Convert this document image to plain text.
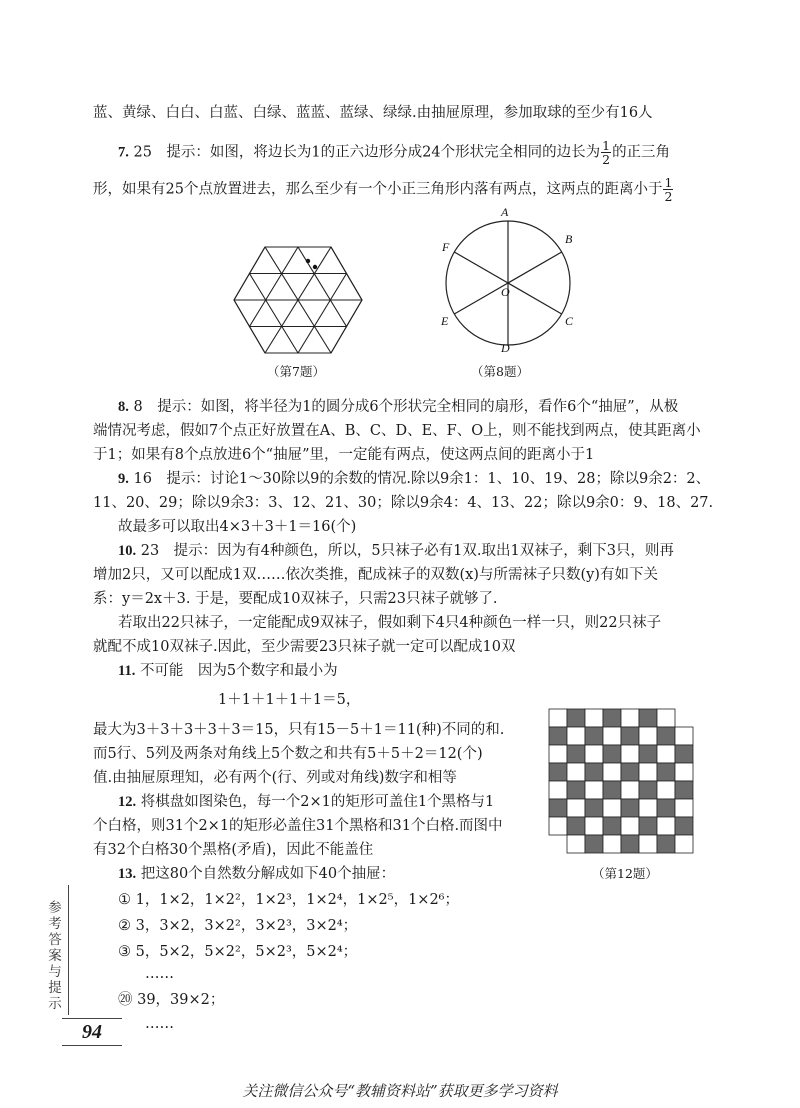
蓝、黄绿、白白、白蓝、白绿、蓝蓝、蓝绿、绿绿.由抽屉原理，参加取球的至少有16人
7. 25　提示：如图，将边长为1的正六边形分成24个形状完全相同的边长为 $\frac{1}{2}$ 的正三角
形，如果有25个点放置进去，那么至少有一个小正三角形内落有两点，这两点的距离小于 $\frac{1}{2}$
（第7题）
A
B
C
D
E
F
O
（第8题）
8. 8　提示：如图，将半径为1的圆分成6个形状完全相同的扇形，看作6个“抽屉”，从极
端情况考虑，假如7个点正好放置在A、B、C、D、E、F、O上，则不能找到两点，使其距离小
于1；如果有8个点放进6个“抽屉”里，一定能有两点，使这两点间的距离小于1
9. 16　提示：讨论1～30除以9的余数的情况.除以9余1：1、10、19、28；除以9余2：2、
11、20、29；除以9余3：3、12、21、30；除以9余4：4、13、22；除以9余0：9、18、27.
故最多可以取出4×3＋3＋1＝16(个)
10. 23　提示：因为有4种颜色，所以，5只袜子必有1双.取出1双袜子，剩下3只，则再
增加2只，又可以配成1双……依次类推，配成袜子的双数(x)与所需袜子只数(y)有如下关
系：y＝2x＋3. 于是，要配成10双袜子，只需23只袜子就够了.
若取出22只袜子，一定能配成9双袜子，假如剩下4只4种颜色一样一只，则22只袜子
就配不成10双袜子.因此，至少需要23只袜子就一定可以配成10双
11. 不可能　因为5个数字和最小为
1＋1＋1＋1＋1＝5，
最大为3＋3＋3＋3＋3＝15，只有15－5＋1＝11(种)不同的和.
而5行、5列及两条对角线上5个数之和共有5＋5＋2＝12(个)
值.由抽屉原理知，必有两个(行、列或对角线)数字和相等
12. 将棋盘如图染色，每一个2×1的矩形可盖住1个黑格与1
个白格，则31个2×1的矩形必盖住31个黑格和31个白格.而图中
有32个白格30个黑格(矛盾)，因此不能盖住
（第12题）
13. 把这80个自然数分解成如下40个抽屉：
① 1，1×2，1×2²，1×2³，1×2⁴，1×2⁵，1×2⁶；
② 3，3×2，3×2²，3×2³，3×2⁴；
③ 5，5×2，5×2²，5×2³，5×2⁴；
……
⑳ 39，39×2；
……
参
考
答
案
与
提
示
94
关注微信公众号“教辅资料站”获取更多学习资料
